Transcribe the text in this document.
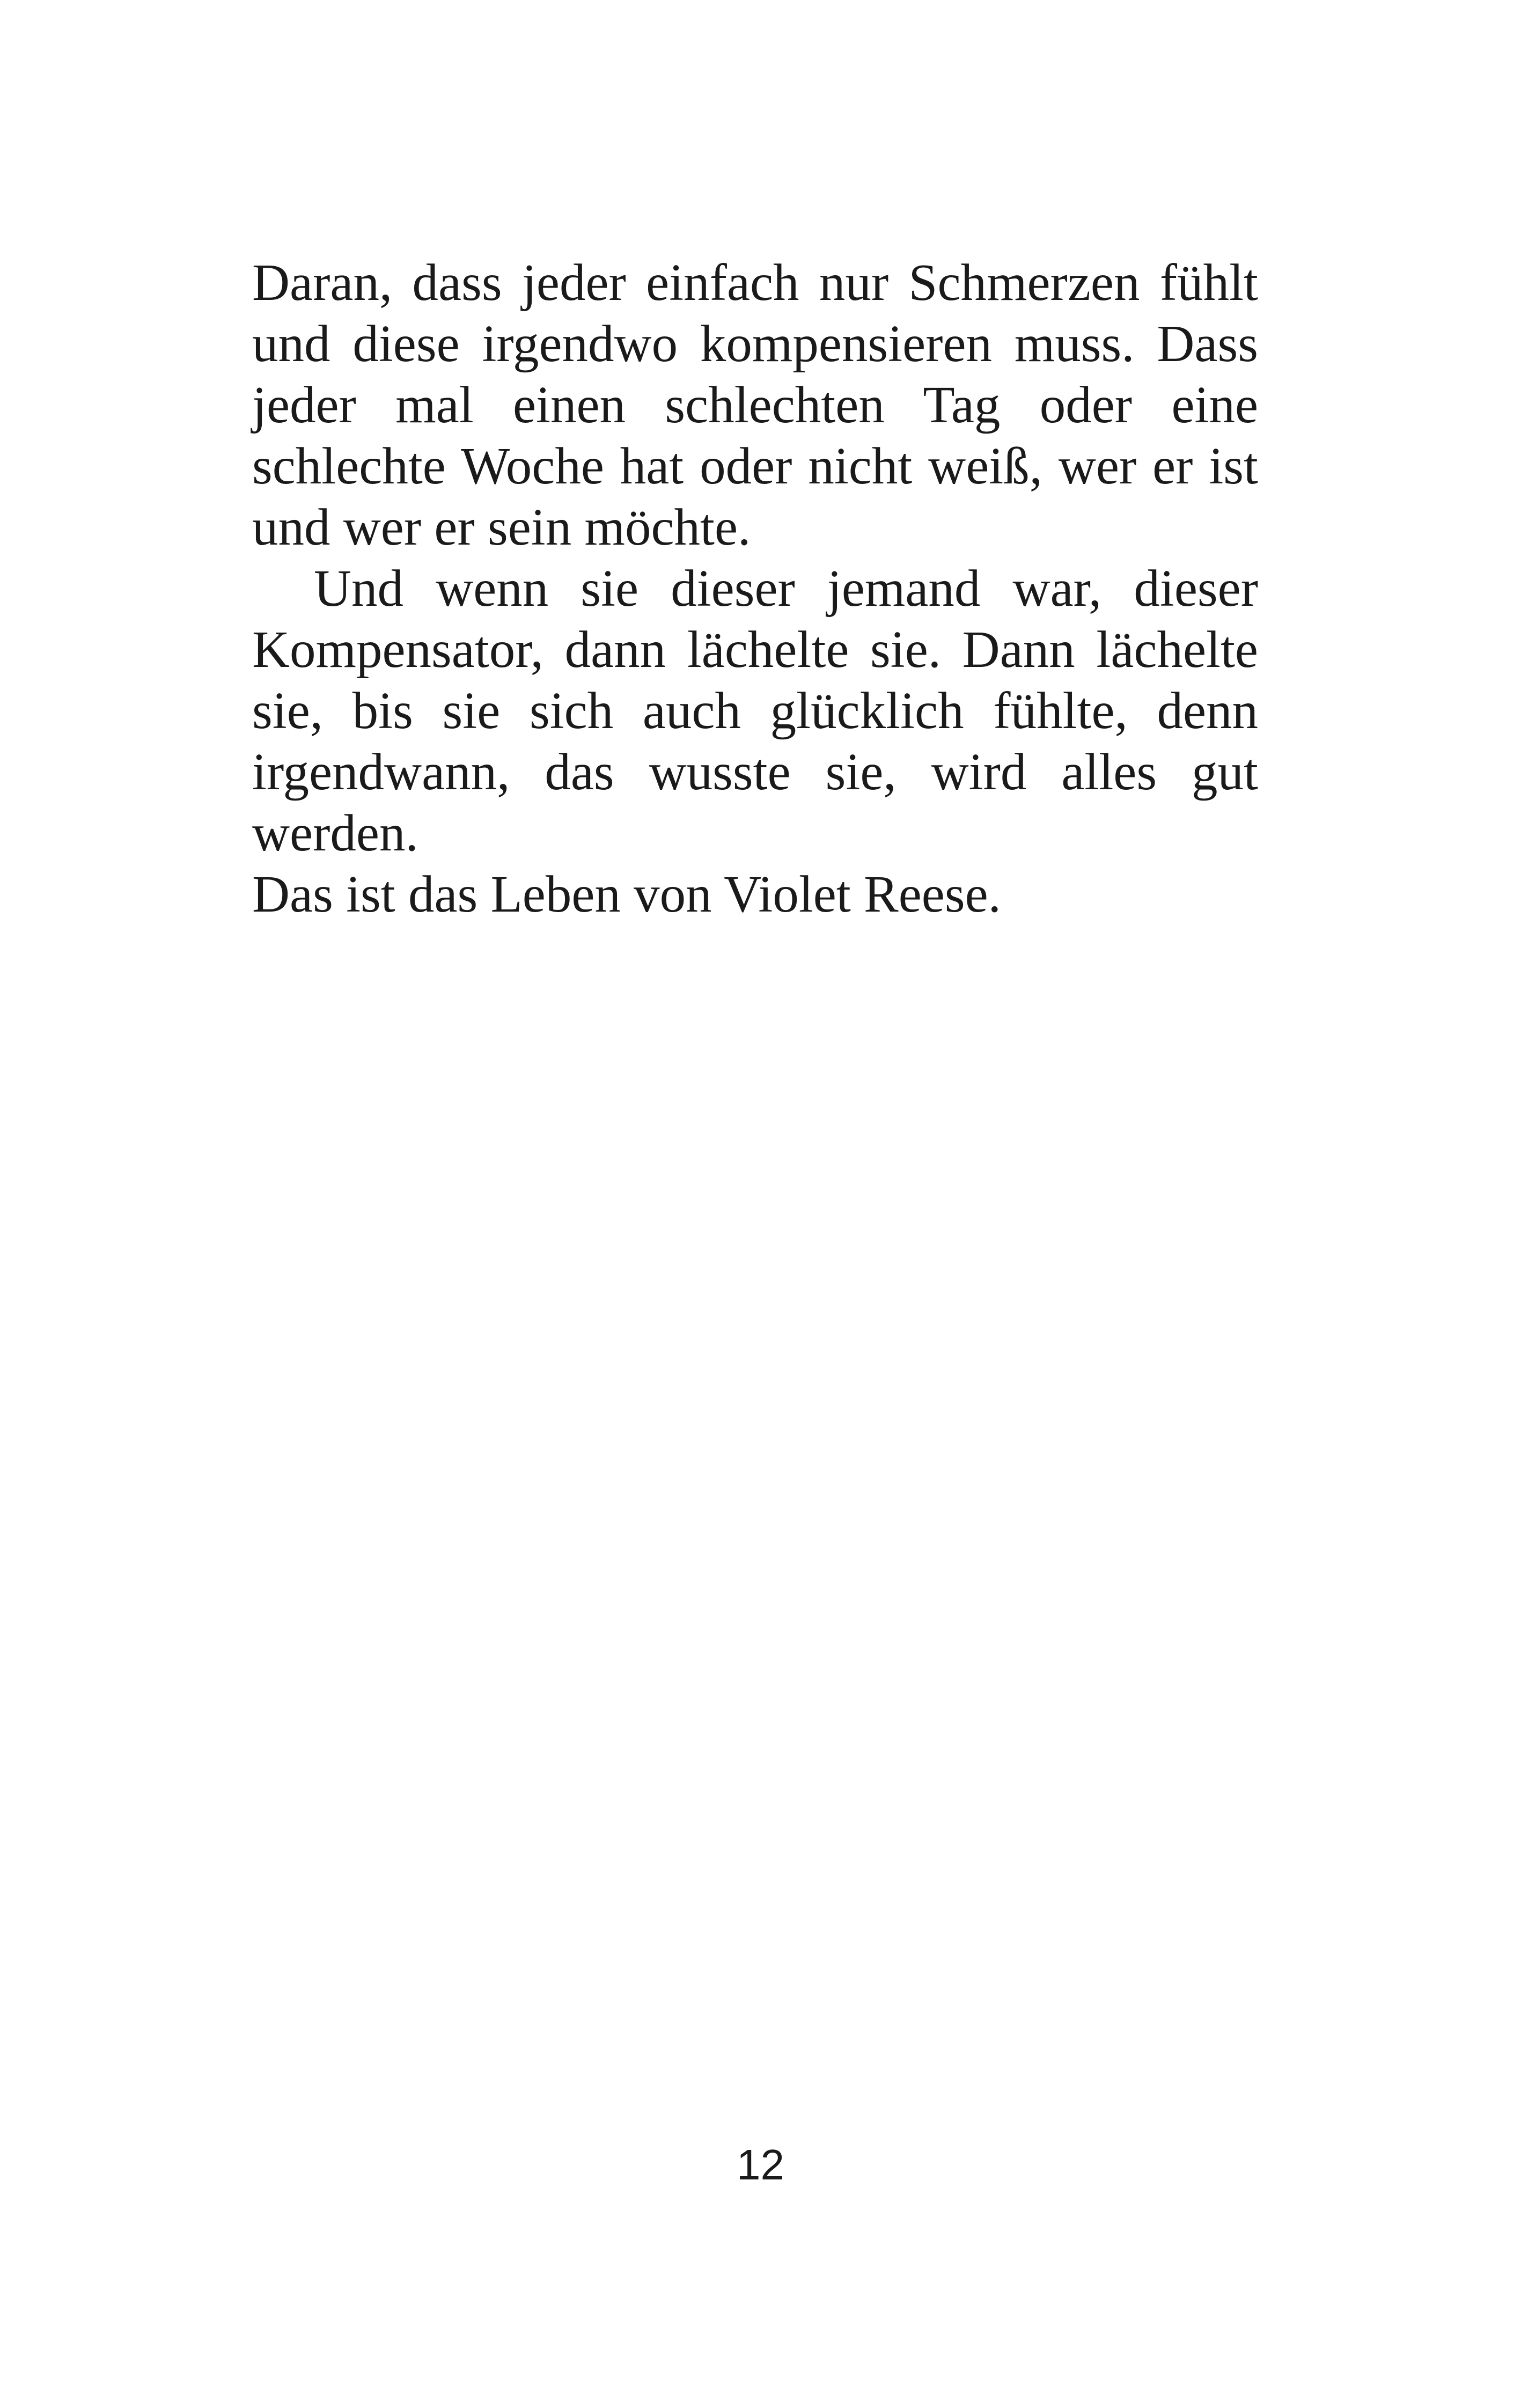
Daran, dass jeder einfach nur Schmerzen fühlt
und diese irgendwo kompensieren muss. Dass
jeder mal einen schlechten Tag oder eine
schlechte Woche hat oder nicht weiß, wer er ist
und wer er sein möchte.
Und wenn sie dieser jemand war, dieser
Kompensator, dann lächelte sie. Dann lächelte
sie, bis sie sich auch glücklich fühlte, denn
irgendwann, das wusste sie, wird alles gut
werden.
Das ist das Leben von Violet Reese.
12
